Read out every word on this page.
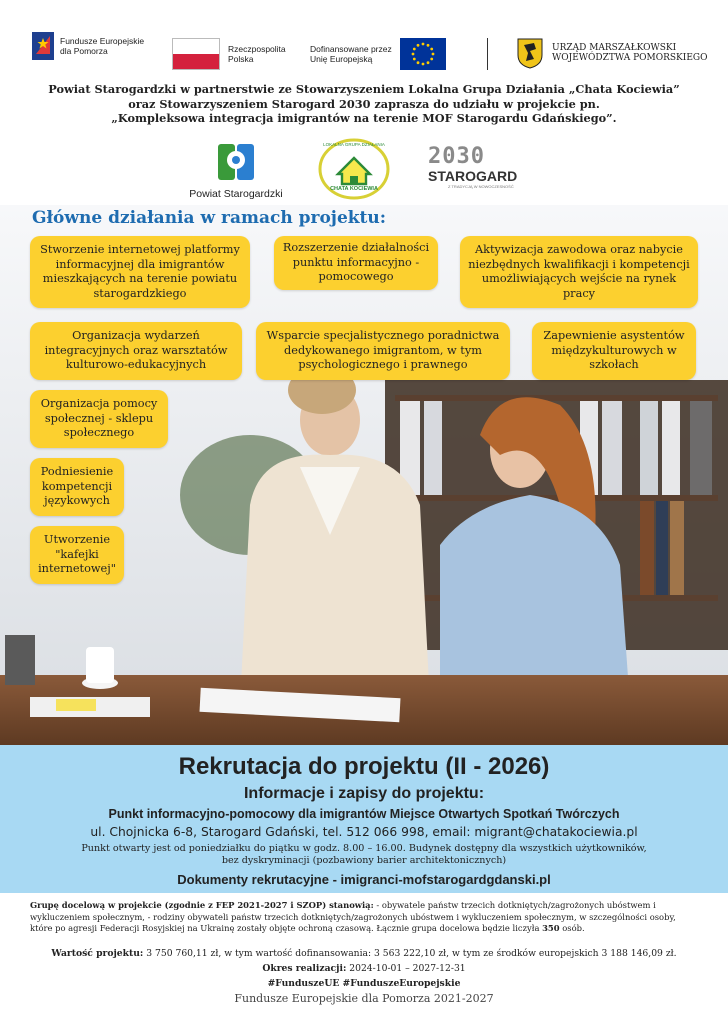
Fundusze Europejskie
dla Pomorza	Rzeczpospolita
Polska
Dofinansowane przez
Unię Europejską
URZĄD MARSZAŁKOWSKI
WOJEWÓDZTWA POMORSKIEGO
Powiat Starogardzki w partnerstwie ze Stowarzyszeniem Lokalna Grupa Działania „Chata Kociewia”
oraz Stowarzyszeniem Starogard 2030 zaprasza do udziału w projekcie pn.
„Kompleksowa integracja imigrantów na terenie MOF Starogardu Gdańskiego”.
Powiat Starogardzki
LOKALNA GRUPA DZIAŁANIA
CHATA KOCIEWIA
2030
STAROGARD
Z TRADYCJĄ W NOWOCZESNOŚĆ
Główne działania w ramach projektu:
Stworzenie internetowej platformy informacyjnej dla imigrantów mieszkających na terenie powiatu starogardzkiego
Rozszerzenie działalności punktu informacyjno -pomocowego
Aktywizacja zawodowa oraz nabycie niezbędnych kwalifikacji i kompetencji umożliwiających wejście na rynek pracy
Organizacja wydarzeń integracyjnych oraz warsztatów kulturowo-edukacyjnych
Wsparcie specjalistycznego poradnictwa dedykowanego imigrantom, w tym psychologicznego i prawnego
Zapewnienie asystentów międzykulturowych w szkołach
Organizacja pomocy społecznej - sklepu społecznego
Podniesienie kompetencji językowych
Utworzenie "kafejki internetowej"
Rekrutacja do projektu (II - 2026)
Informacje i zapisy do projektu:
Punkt informacyjno-pomocowy dla imigrantów Miejsce Otwartych Spotkań Twórczych
ul. Chojnicka 6-8, Starogard Gdański, tel. 512 066 998, email: migrant@chatakociewia.pl
Punkt otwarty jest od poniedziałku do piątku w godz. 8.00 – 16.00. Budynek dostępny dla wszystkich użytkowników,
bez dyskryminacji (pozbawiony barier architektonicznych)
Dokumenty rekrutacyjne - imigranci-mofstarogardgdanski.pl
Grupę docelową w projekcie (zgodnie z FEP 2021-2027 i SZOP) stanowią: - obywatele państw trzecich dotkniętych/zagrożonych ubóstwem i wykluczeniem społecznym, - rodziny obywateli państw trzecich dotkniętych/zagrożonych ubóstwem i wykluczeniem społecznym, w szczególności osoby, które po agresji Federacji Rosyjskiej na Ukrainę zostały objęte ochroną czasową. Łącznie grupa docelowa będzie liczyła 350 osób.
Wartość projektu: 3 750 760,11 zł, w tym wartość dofinansowania: 3 563 222,10 zł, w tym ze środków europejskich 3 188 146,09 zł.
Okres realizacji: 2024-10-01 – 2027-12-31
#FunduszeUE #FunduszeEuropejskie
Fundusze Europejskie dla Pomorza 2021-2027
